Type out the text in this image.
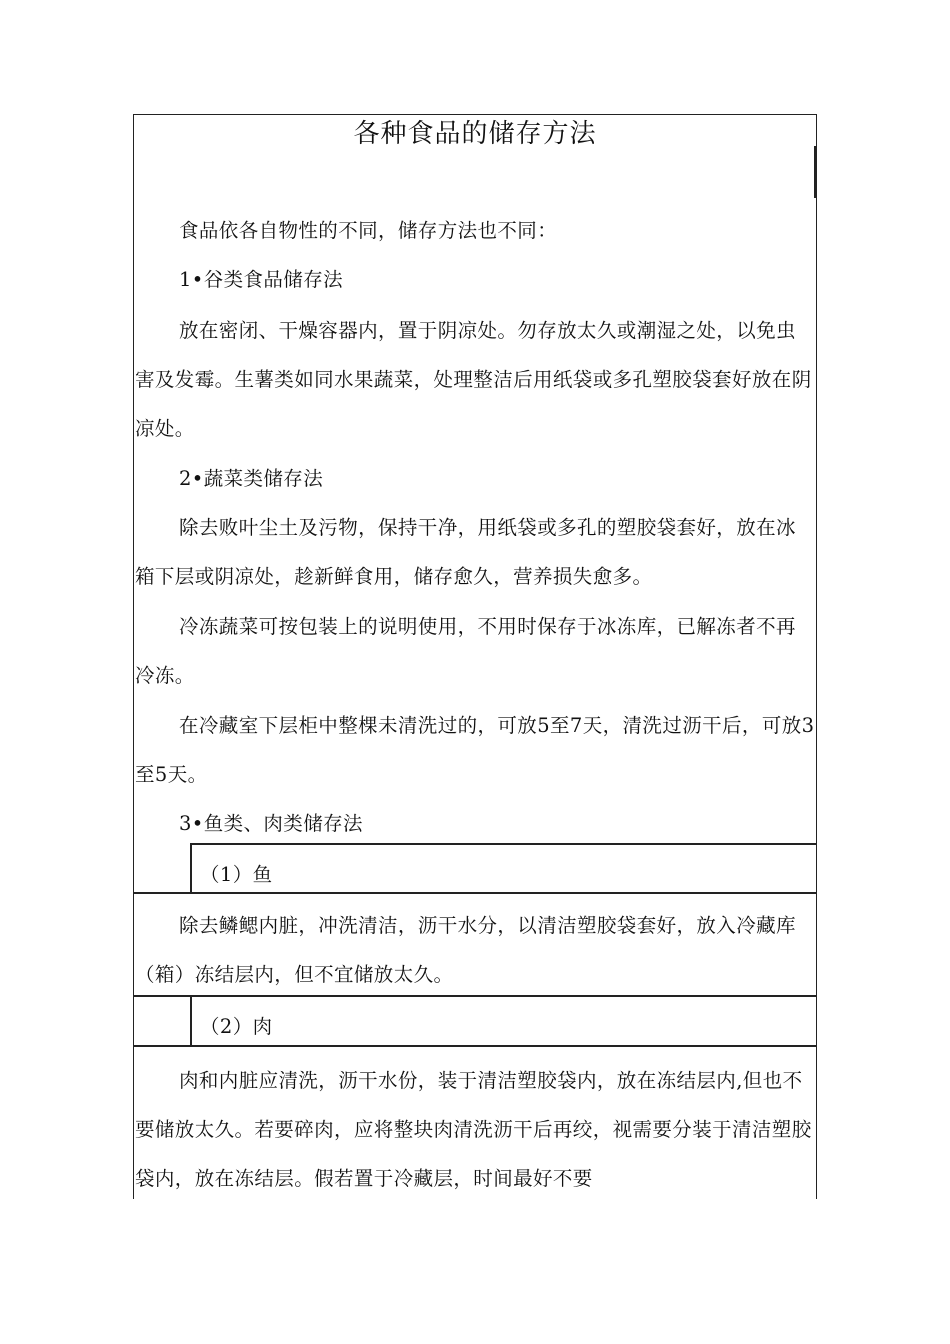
各种食品的储存方法

食品依各自物性的不同，储存方法也不同：

1•谷类食品储存法

放在密闭、干燥容器内，置于阴凉处。勿存放太久或潮湿之处，以免虫害及发霉。生薯类如同水果蔬菜，处理整洁后用纸袋或多孔塑胶袋套好放在阴凉处。

2•蔬菜类储存法

除去败叶尘土及污物，保持干净，用纸袋或多孔的塑胶袋套好，放在冰箱下层或阴凉处，趁新鲜食用，储存愈久，营养损失愈多。

冷冻蔬菜可按包装上的说明使用，不用时保存于冰冻库，已解冻者不再冷冻。

在冷藏室下层柜中整棵未清洗过的，可放5至7天，清洗过沥干后，可放3至5天。

3•鱼类、肉类储存法

（1）鱼

除去鳞鳃内脏，冲洗清洁，沥干水分，以清洁塑胶袋套好，放入冷藏库（箱）冻结层内，但不宜储放太久。

（2）肉

肉和内脏应清洗，沥干水份，装于清洁塑胶袋内，放在冻结层内,但也不要储放太久。若要碎肉，应将整块肉清洗沥干后再绞，视需要分装于清洁塑胶袋内，放在冻结层。假若置于冷藏层，时间最好不要
